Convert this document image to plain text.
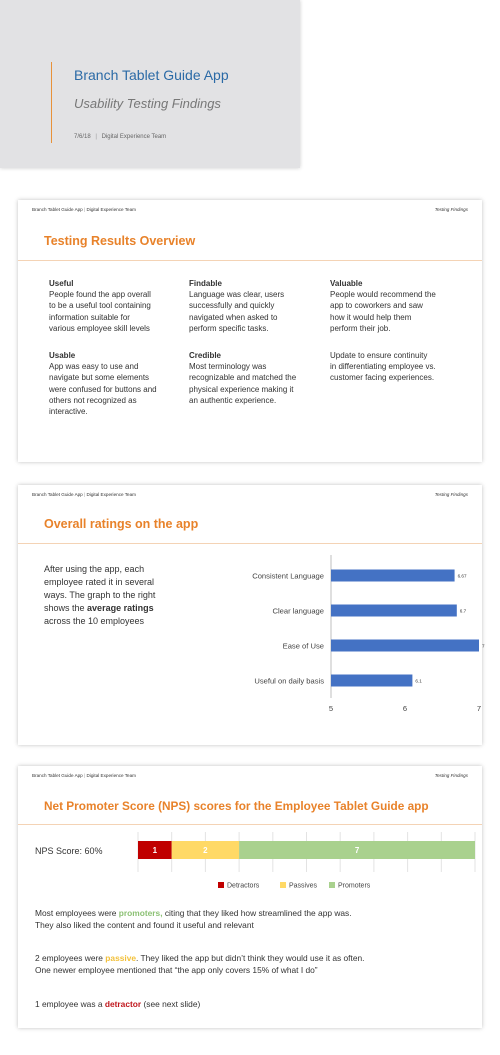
Branch Tablet Guide App
Usability Testing Findings
7/6/18 | Digital Experience Team
Branch Tablet Guide App | Digital Experience Team	Testing Findings
Testing Results Overview
Useful
People found the app overall
to be a useful tool containing
information suitable for
various employee skill levels
Usable
App was easy to use and
navigate but some elements
were confused for buttons and
others not recognized as
interactive.
Findable
Language was clear, users
successfully and quickly
navigated when asked to
perform specific tasks.
Credible
Most terminology was
recognizable and matched the
physical experience making it
an authentic experience.
Valuable
People would recommend the
app to coworkers and saw
how it would help them
perform their job.
Update to ensure continuity
in differentiating employee vs.
customer facing experiences.
Branch Tablet Guide App | Digital Experience Team	Testing Findings
Overall ratings on the app
After using the app, each
employee rated it in several
ways. The graph to the right
shows the average ratings
across the 10 employees
Consistent Language	6.67
Clear language	6.7
Ease of Use	7
Useful on daily basis	6.1
5	6	7
Branch Tablet Guide App | Digital Experience Team	Testing Findings
Net Promoter Score (NPS) scores for the Employee Tablet Guide app
NPS Score: 60%	1	2	7
Detractors	Passives	Promoters
Most employees were promoters, citing that they liked how streamlined the app was.
They also liked the content and found it useful and relevant
2 employees were passive. They liked the app but didn’t think they would use it as often.
One newer employee mentioned that “the app only covers 15% of what I do”
1 employee was a detractor (see next slide)
